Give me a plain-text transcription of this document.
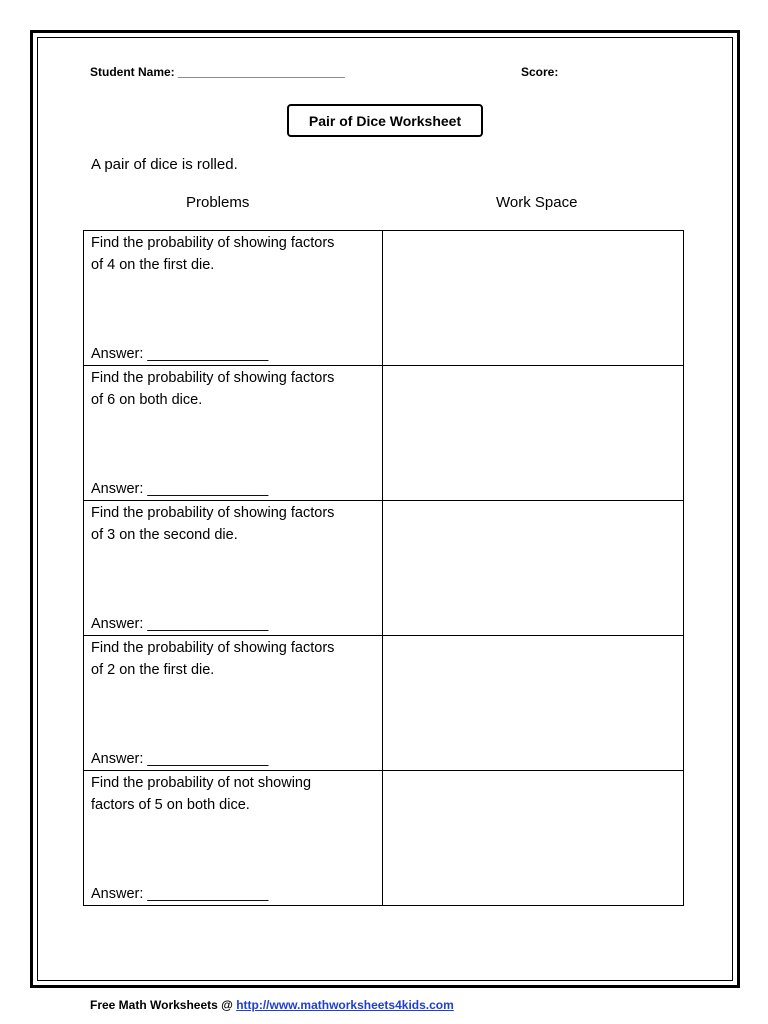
Student Name: _________________________	Score:
Pair of Dice Worksheet
A pair of dice is rolled.
Problems	Work Space
Find the probability of showing factors
of 4 on the first die.
Answer: _______________	

Find the probability of showing factors
of 6 on both dice.
Answer: _______________	

Find the probability of showing factors
of 3 on the second die.
Answer: _______________	

Find the probability of showing factors
of 2 on the first die.
Answer: _______________	

Find the probability of not showing
factors of 5 on both dice.
Answer: _______________	

Free Math Worksheets @ http://www.mathworksheets4kids.com
